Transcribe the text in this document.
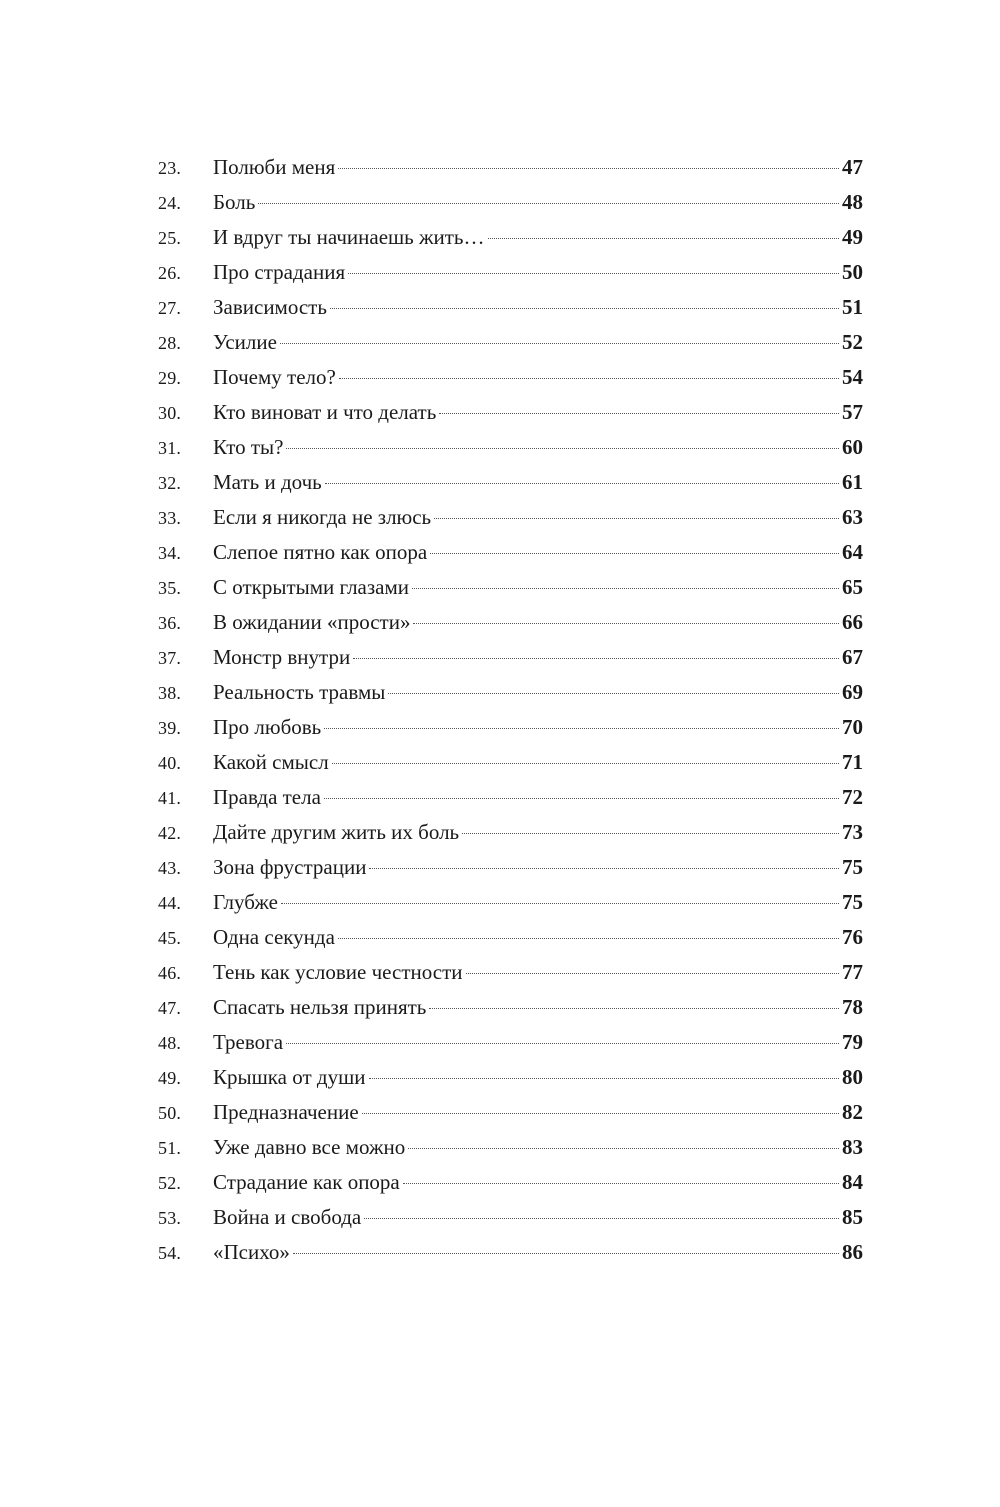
23.	Полюби меня	47
24.	Боль	48
25.	И вдруг ты начинаешь жить…	49
26.	Про страдания	50
27.	Зависимость	51
28.	Усилие	52
29.	Почему тело?	54
30.	Кто виноват и что делать	57
31.	Кто ты?	60
32.	Мать и дочь	61
33.	Если я никогда не злюсь	63
34.	Слепое пятно как опора	64
35.	С открытыми глазами	65
36.	В ожидании «прости»	66
37.	Монстр внутри	67
38.	Реальность травмы	69
39.	Про любовь	70
40.	Какой смысл	71
41.	Правда тела	72
42.	Дайте другим жить их боль	73
43.	Зона фрустрации	75
44.	Глубже	75
45.	Одна секунда	76
46.	Тень как условие честности	77
47.	Спасать нельзя принять	78
48.	Тревога	79
49.	Крышка от души	80
50.	Предназначение	82
51.	Уже давно все можно	83
52.	Страдание как опора	84
53.	Война и свобода	85
54.	«Психо»	86
